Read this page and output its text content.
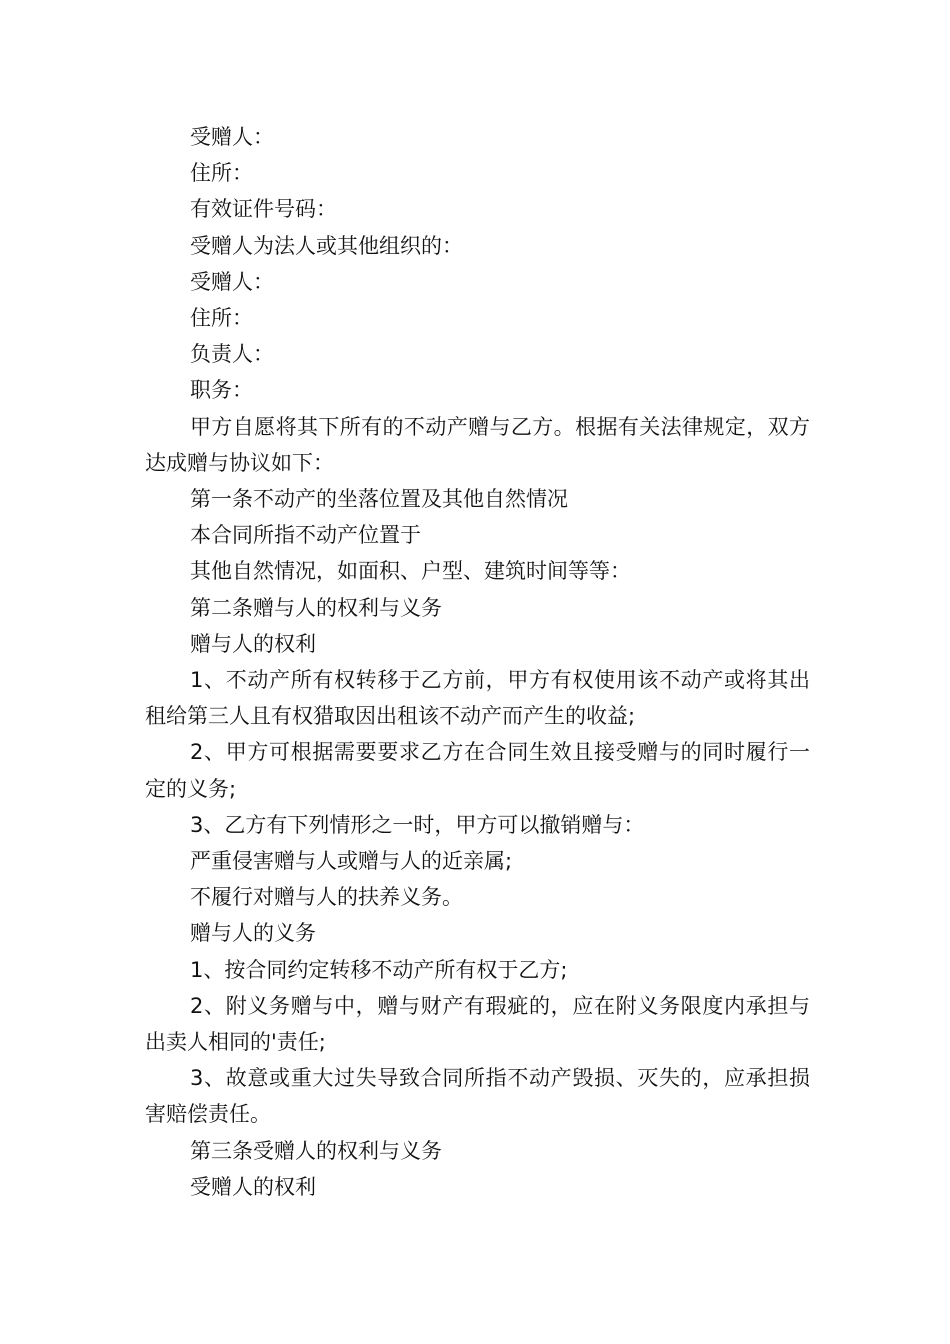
受赠人：

住所：

有效证件号码：

受赠人为法人或其他组织的：

受赠人：

住所：

负责人：

职务：

甲方自愿将其下所有的不动产赠与乙方。根据有关法律规定，双方达成赠与协议如下：

第一条不动产的坐落位置及其他自然情况

本合同所指不动产位置于

其他自然情况，如面积、户型、建筑时间等等：

第二条赠与人的权利与义务

赠与人的权利

1、不动产所有权转移于乙方前，甲方有权使用该不动产或将其出租给第三人且有权猎取因出租该不动产而产生的收益;

2、甲方可根据需要要求乙方在合同生效且接受赠与的同时履行一定的义务;

3、乙方有下列情形之一时，甲方可以撤销赠与：

严重侵害赠与人或赠与人的近亲属;

不履行对赠与人的扶养义务。

赠与人的义务

1、按合同约定转移不动产所有权于乙方;

2、附义务赠与中，赠与财产有瑕疵的，应在附义务限度内承担与出卖人相同的'责任;

3、故意或重大过失导致合同所指不动产毁损、灭失的，应承担损害赔偿责任。

第三条受赠人的权利与义务

受赠人的权利
